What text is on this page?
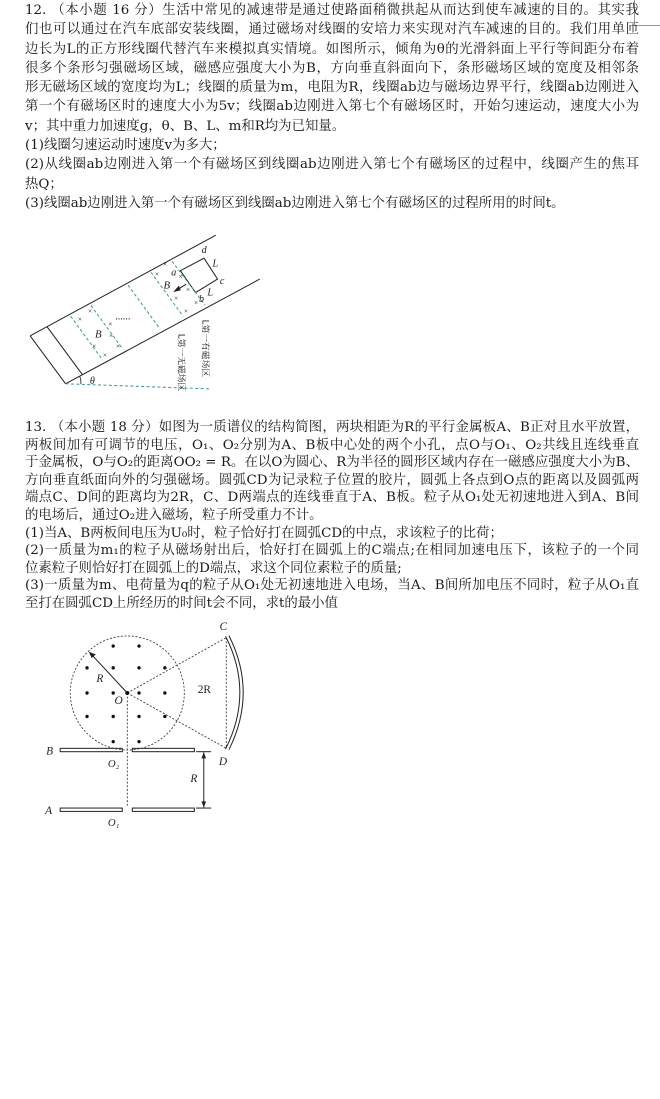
12. （本小题 16 分）生活中常见的减速带是通过使路面稍微拱起从而达到使车减速的目的。其实我
们也可以通过在汽车底部安装线圈，通过磁场对线圈的安培力来实现对汽车减速的目的。我们用单匝
边长为L的正方形线圈代替汽车来模拟真实情境。如图所示，倾角为θ的光滑斜面上平行等间距分布着
很多个条形匀强磁场区域，磁感应强度大小为B，方向垂直斜面向下，条形磁场区域的宽度及相邻条
形无磁场区域的宽度均为L；线圈的质量为m，电阻为R，线圈ab边与磁场边界平行，线圈ab边刚进入
第一个有磁场区时的速度大小为5v；线圈ab边刚进入第七个有磁场区时，开始匀速运动，速度大小为
v；其中重力加速度g，θ、B、L、m和R均为已知量。
(1)线圈匀速运动时速度v为多大；
(2)从线圈ab边刚进入第一个有磁场区到线圈ab边刚进入第七个有磁场区的过程中，线圈产生的焦耳
热Q；
(3)线圈ab边刚进入第一个有磁场区到线圈ab边刚进入第七个有磁场区的过程所用的时间t。
×
×
×
×
×
×
×
×
×
×
×
×
×
×
d
a
L
c
L
b
B
B
......
θ
L第一有磁场区
L第一无磁场区
13. （本小题 18 分）如图为一质谱仪的结构简图，两块相距为R的平行金属板A、B正对且水平放置，
两板间加有可调节的电压，O₁、O₂分别为A、B板中心处的两个小孔，点O与O₁、O₂共线且连线垂直
于金属板，O与O₂的距离OO₂ = R。在以O为圆心、R为半径的圆形区域内存在一磁感应强度大小为B、
方向垂直纸面向外的匀强磁场。圆弧CD为记录粒子位置的胶片，圆弧上各点到O点的距离以及圆弧两
端点C、D间的距离均为2R，C、D两端点的连线垂直于A、B板。粒子从O₁处无初速地进入到A、B间
的电场后，通过O₂进入磁场，粒子所受重力不计。
(1)当A、B两板间电压为U₀时，粒子恰好打在圆弧CD的中点，求该粒子的比荷；
(2)一质量为m₁的粒子从磁场射出后，恰好打在圆弧上的C端点;在相同加速电压下，该粒子的一个同
位素粒子则恰好打在圆弧上的D端点，求这个同位素粒子的质量;
(3)一质量为m、电荷量为q的粒子从O₁处无初速地进入电场，当A、B间所加电压不同时，粒子从O₁直
至打在圆弧CD上所经历的时间t会不同，求t的最小值
C
R
O
2R
B
O₂	D
R
A
O₁
